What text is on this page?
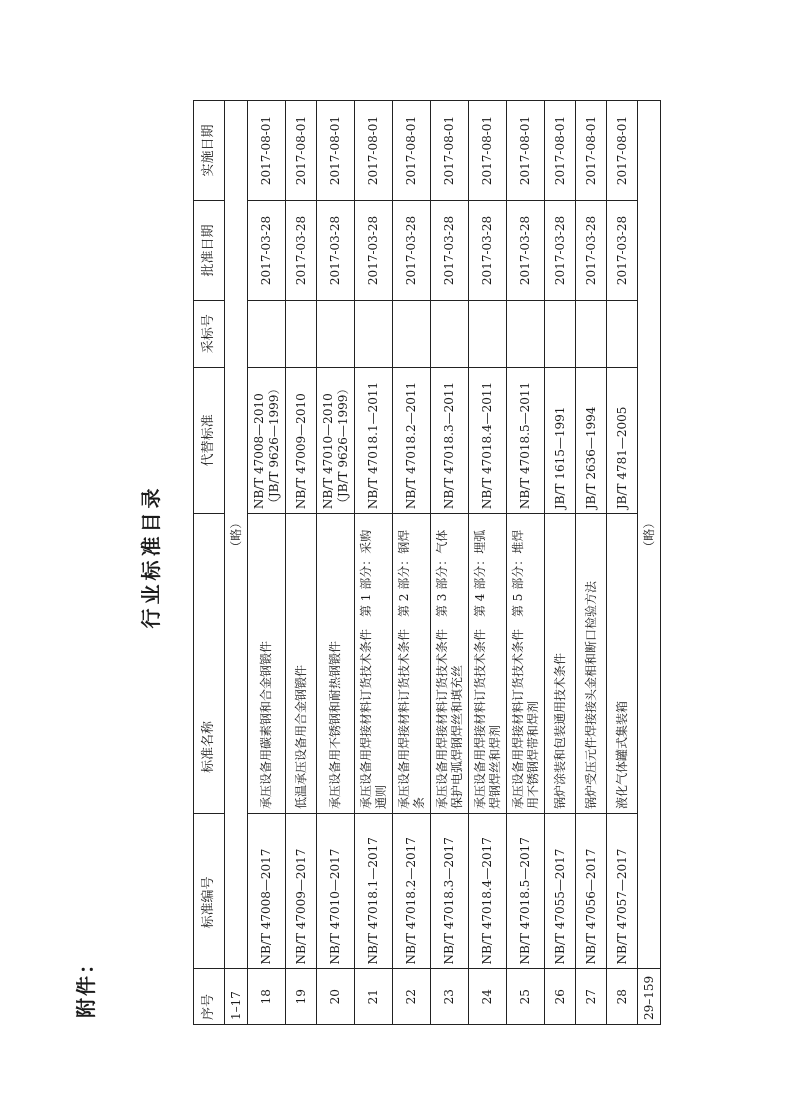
附件：
行业标准目录
序号	标准编号	标准名称	代替标准	采标号	批准日期	实施日期
1–17	（略）					
18	NB/T 47008—2017	承压设备用碳素钢和合金钢锻件	NB/T 47008—2010
（JB/T 9626—1999）		2017-03-28	2017-08-01
19	NB/T 47009—2017	低温承压设备用合金钢锻件	NB/T 47009—2010		2017-03-28	2017-08-01
20	NB/T 47010—2017	承压设备用不锈钢和耐热钢锻件	NB/T 47010—2010
（JB/T 9626—1999）		2017-03-28	2017-08-01
21	NB/T 47018.1—2017	承压设备用焊接材料订货技术条件　第 1 部分：采购通则	NB/T 47018.1—2011		2017-03-28	2017-08-01
22	NB/T 47018.2—2017	承压设备用焊接材料订货技术条件　第 2 部分：钢焊条	NB/T 47018.2—2011		2017-03-28	2017-08-01
23	NB/T 47018.3—2017	承压设备用焊接材料订货技术条件　第 3 部分：气体保护电弧焊钢焊丝和填充丝	NB/T 47018.3—2011		2017-03-28	2017-08-01
24	NB/T 47018.4—2017	承压设备用焊接材料订货技术条件　第 4 部分：埋弧焊钢焊丝和焊剂	NB/T 47018.4—2011		2017-03-28	2017-08-01
25	NB/T 47018.5—2017	承压设备用焊接材料订货技术条件　第 5 部分：堆焊用不锈钢焊带和焊剂	NB/T 47018.5—2011		2017-03-28	2017-08-01
26	NB/T 47055—2017	锅炉涂装和包装通用技术条件	JB/T 1615—1991		2017-03-28	2017-08-01
27	NB/T 47056—2017	锅炉受压元件焊接接头金相和断口检验方法	JB/T 2636—1994		2017-03-28	2017-08-01
28	NB/T 47057—2017	液化气体罐式集装箱	JB/T 4781—2005		2017-03-28	2017-08-01
29–159	（略）					
